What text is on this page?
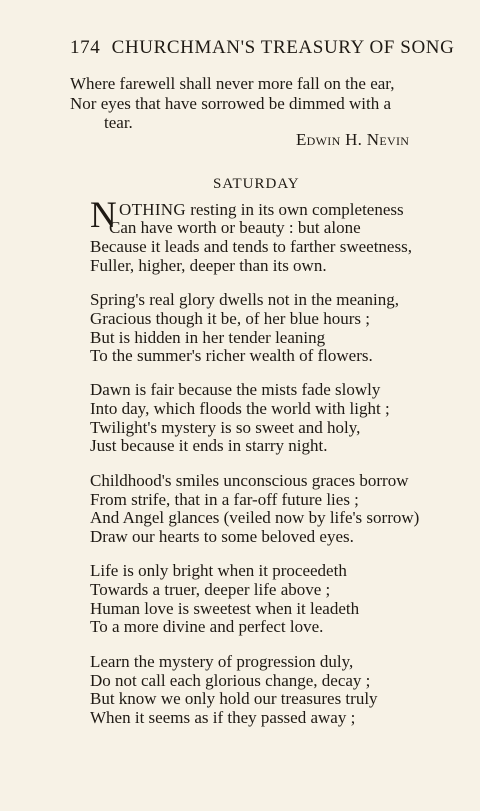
174 CHURCHMAN'S TREASURY OF SONG
Where farewell shall never more fall on the ear,
Nor eyes that have sorrowed be dimmed with a
tear.
Edwin H. Nevin
SATURDAY
N OTHING resting in its own completeness
Can have worth or beauty : but alone
Because it leads and tends to farther sweetness,
Fuller, higher, deeper than its own.
Spring's real glory dwells not in the meaning,
Gracious though it be, of her blue hours ;
But is hidden in her tender leaning
To the summer's richer wealth of flowers.
Dawn is fair because the mists fade slowly
Into day, which floods the world with light ;
Twilight's mystery is so sweet and holy,
Just because it ends in starry night.
Childhood's smiles unconscious graces borrow
From strife, that in a far-off future lies ;
And Angel glances (veiled now by life's sorrow)
Draw our hearts to some beloved eyes.
Life is only bright when it proceedeth
Towards a truer, deeper life above ;
Human love is sweetest when it leadeth
To a more divine and perfect love.
Learn the mystery of progression duly,
Do not call each glorious change, decay ;
But know we only hold our treasures truly
When it seems as if they passed away ;
